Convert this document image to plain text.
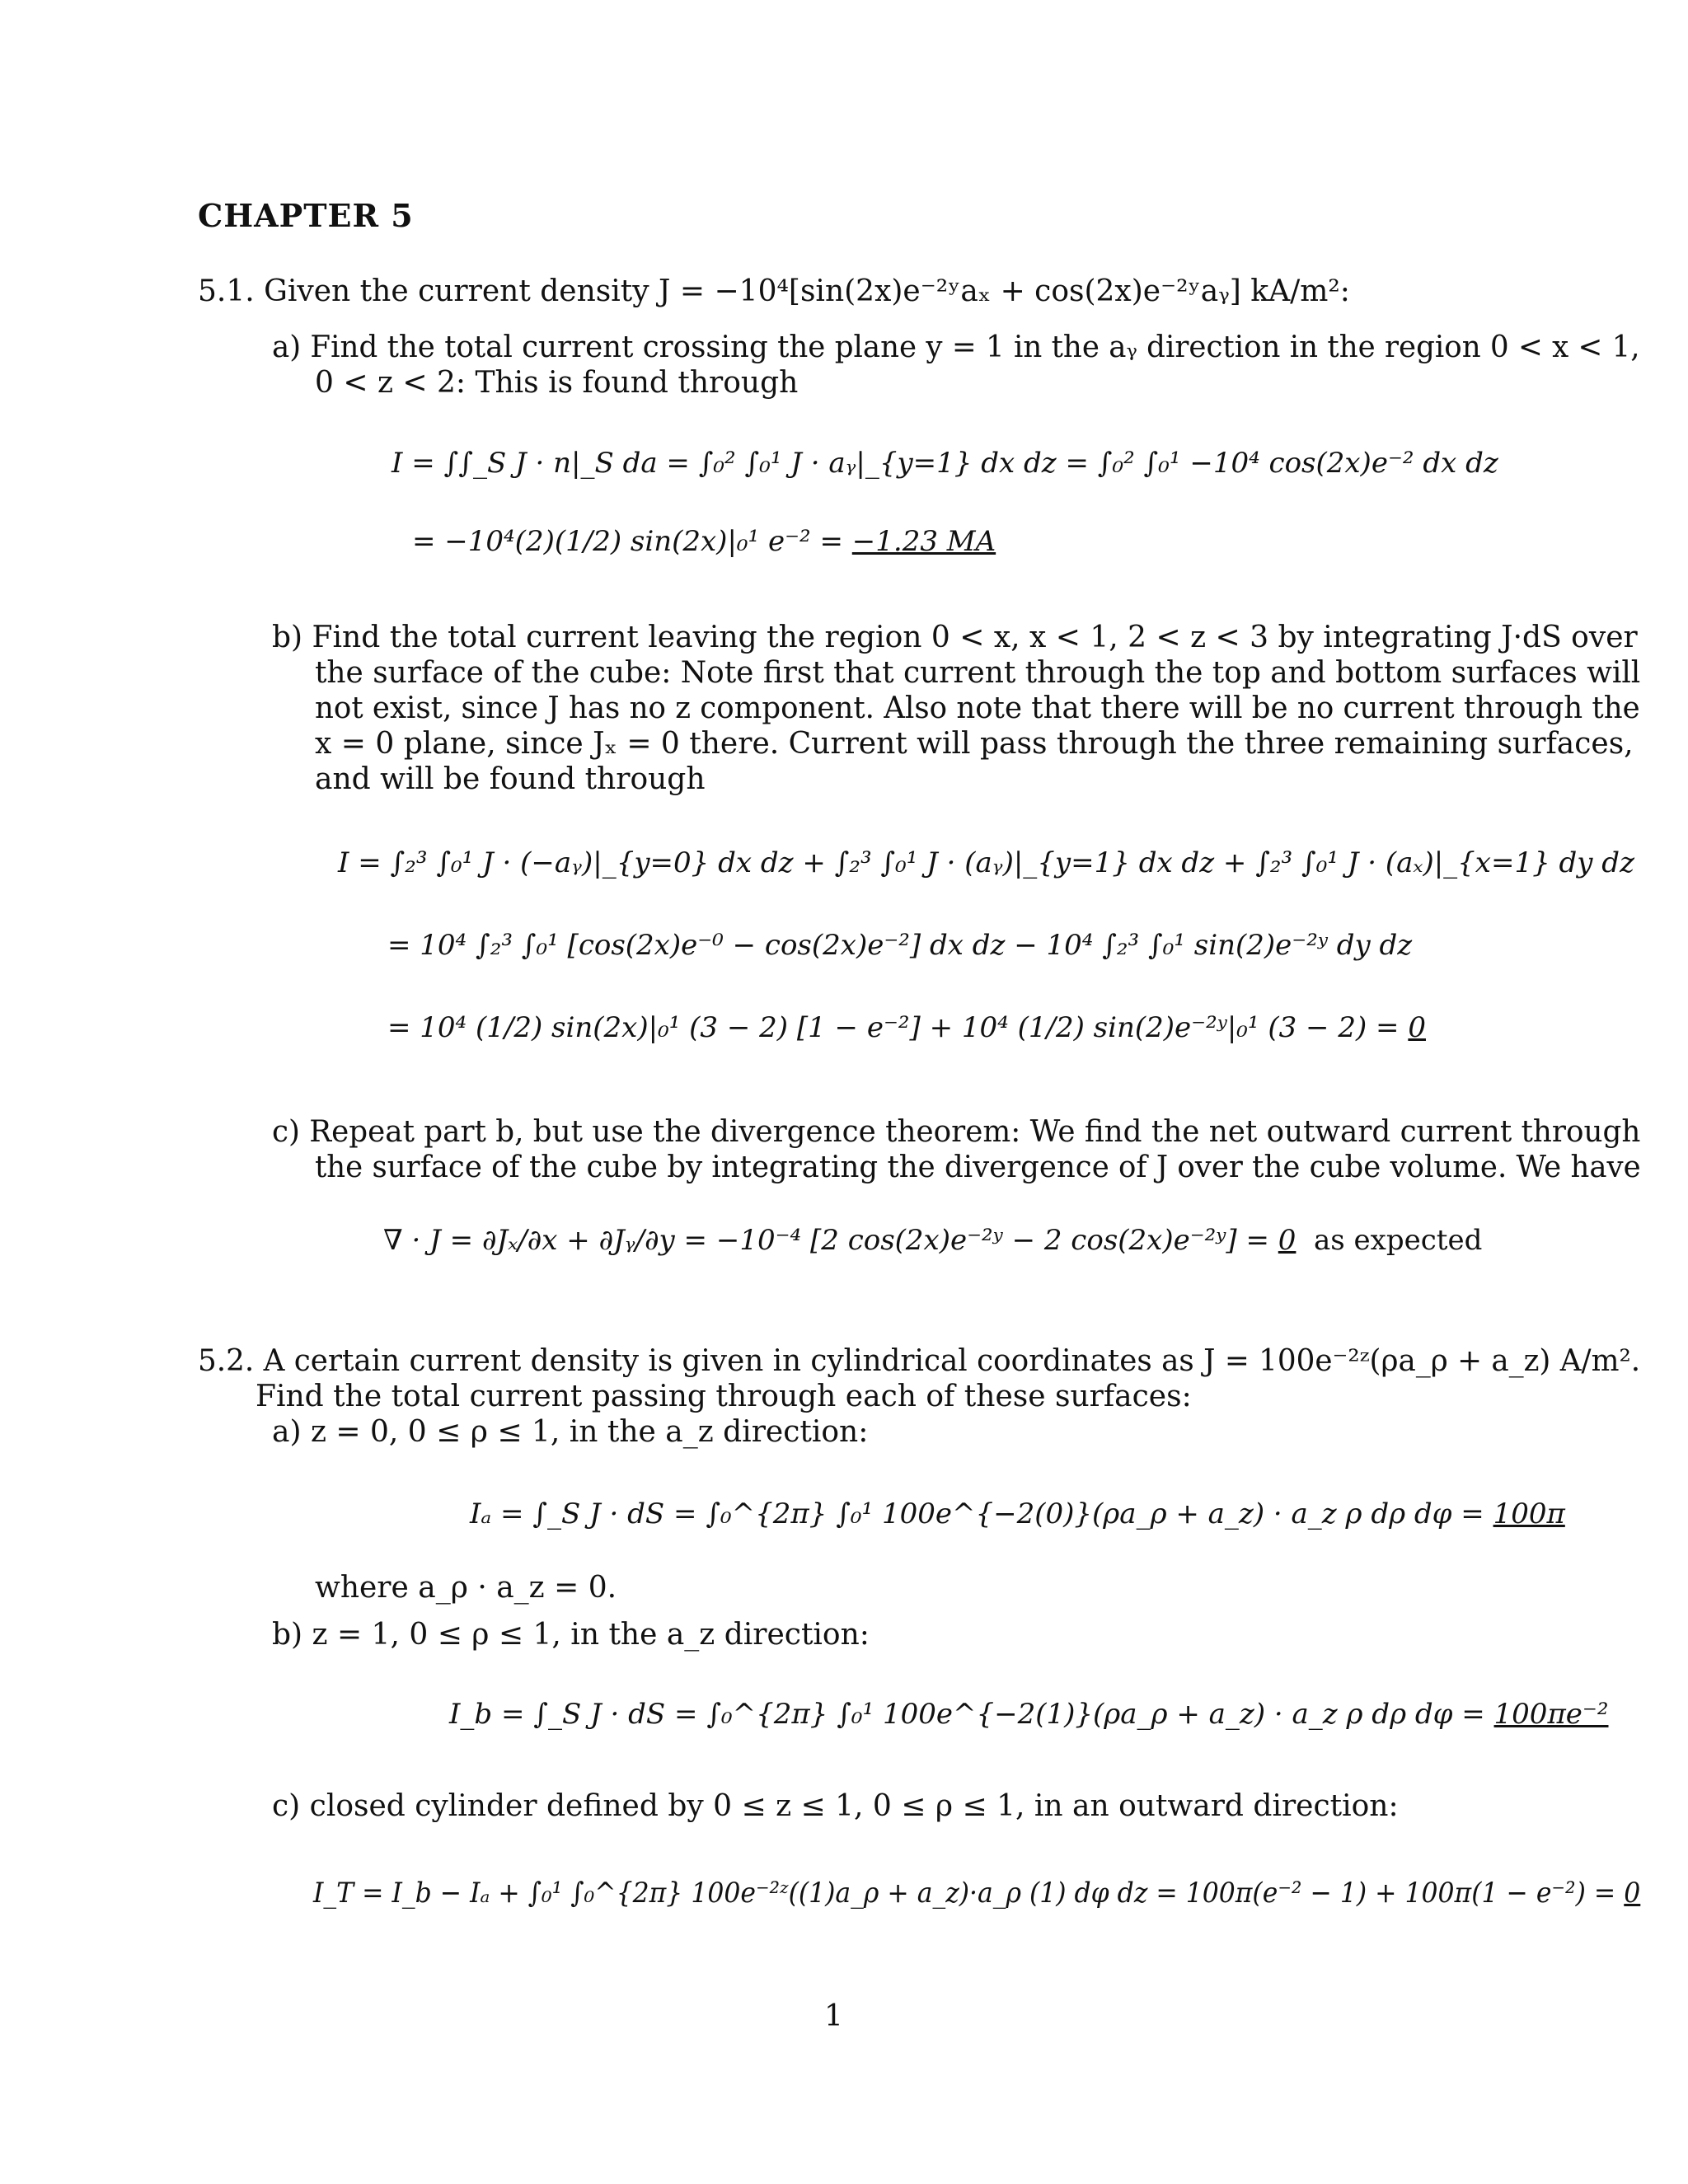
CHAPTER 5
5.1. Given the current density J = −10⁴[sin(2x)e⁻²ʸaₓ + cos(2x)e⁻²ʸaᵧ] kA/m²:
a) Find the total current crossing the plane y = 1 in the aᵧ direction in the region 0 < x < 1,
0 < z < 2: This is found through
I = ∫∫_S J · n|_S da = ∫₀² ∫₀¹ J · aᵧ|_{y=1} dx dz = ∫₀² ∫₀¹ −10⁴ cos(2x)e⁻² dx dz
= −10⁴(2)(1/2) sin(2x)|₀¹ e⁻² = −1.23 MA
b) Find the total current leaving the region 0 < x, x < 1, 2 < z < 3 by integrating J·dS over
the surface of the cube: Note first that current through the top and bottom surfaces will
not exist, since J has no z component. Also note that there will be no current through the
x = 0 plane, since Jₓ = 0 there. Current will pass through the three remaining surfaces,
and will be found through
I = ∫₂³ ∫₀¹ J · (−aᵧ)|_{y=0} dx dz + ∫₂³ ∫₀¹ J · (aᵧ)|_{y=1} dx dz + ∫₂³ ∫₀¹ J · (aₓ)|_{x=1} dy dz
= 10⁴ ∫₂³ ∫₀¹ [cos(2x)e⁻⁰ − cos(2x)e⁻²] dx dz − 10⁴ ∫₂³ ∫₀¹ sin(2)e⁻²ʸ dy dz
= 10⁴ (1/2) sin(2x)|₀¹ (3 − 2) [1 − e⁻²] + 10⁴ (1/2) sin(2)e⁻²ʸ|₀¹ (3 − 2) = 0
c) Repeat part b, but use the divergence theorem: We find the net outward current through
the surface of the cube by integrating the divergence of J over the cube volume. We have
∇ · J = ∂Jₓ/∂x + ∂Jᵧ/∂y = −10⁻⁴ [2 cos(2x)e⁻²ʸ − 2 cos(2x)e⁻²ʸ] = 0 as expected
5.2. A certain current density is given in cylindrical coordinates as J = 100e⁻²ᶻ(ρa_ρ + a_z) A/m².
Find the total current passing through each of these surfaces:
a) z = 0, 0 ≤ ρ ≤ 1, in the a_z direction:
Iₐ = ∫_S J · dS = ∫₀^{2π} ∫₀¹ 100e^{−2(0)}(ρa_ρ + a_z) · a_z ρ dρ dφ = 100π
where a_ρ · a_z = 0.
b) z = 1, 0 ≤ ρ ≤ 1, in the a_z direction:
I_b = ∫_S J · dS = ∫₀^{2π} ∫₀¹ 100e^{−2(1)}(ρa_ρ + a_z) · a_z ρ dρ dφ = 100πe⁻²
c) closed cylinder defined by 0 ≤ z ≤ 1, 0 ≤ ρ ≤ 1, in an outward direction:
I_T = I_b − Iₐ + ∫₀¹ ∫₀^{2π} 100e⁻²ᶻ((1)a_ρ + a_z)·a_ρ (1) dφ dz = 100π(e⁻² − 1) + 100π(1 − e⁻²) = 0
1
